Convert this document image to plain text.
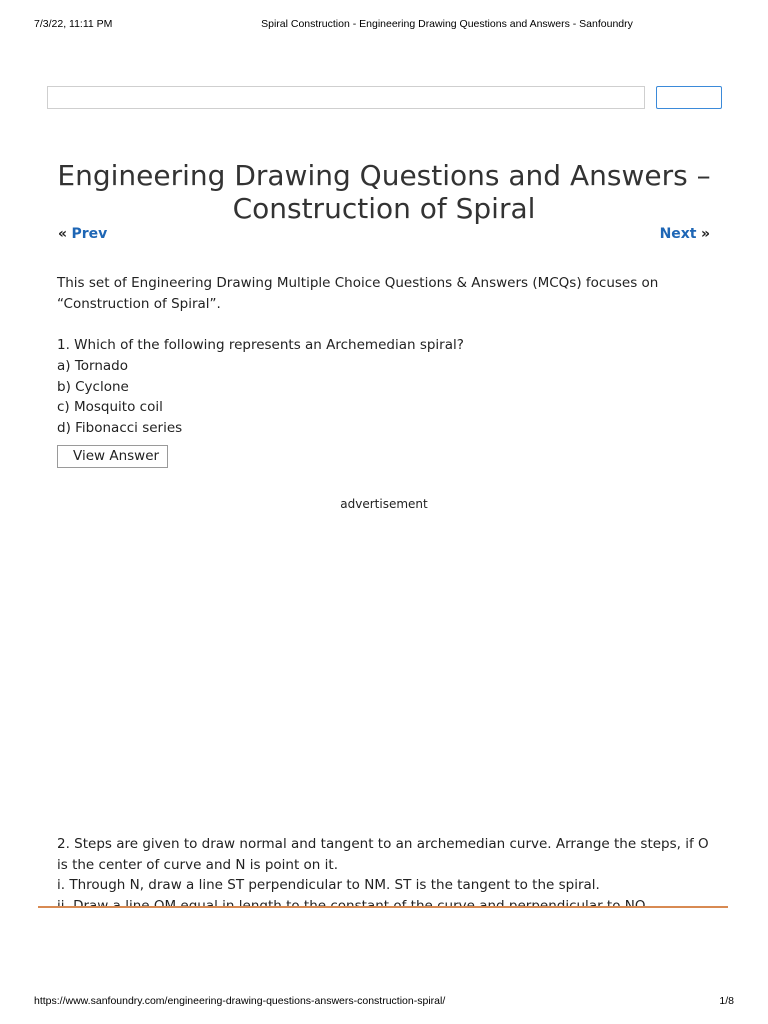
7/3/22, 11:11 PM	Spiral Construction - Engineering Drawing Questions and Answers - Sanfoundry
Engineering Drawing Questions and Answers – Construction of Spiral
« Prev	Next »

This set of Engineering Drawing Multiple Choice Questions & Answers (MCQs) focuses on “Construction of Spiral”.

1. Which of the following represents an Archemedian spiral?

a) Tornado

b) Cyclone

c) Mosquito coil

d) Fibonacci series

View Answer
advertisement

2. Steps are given to draw normal and tangent to an archemedian curve. Arrange the steps, if O is the center of curve and N is point on it.

i. Through N, draw a line ST perpendicular to NM. ST is the tangent to the spiral.

https://www.sanfoundry.com/engineering-drawing-questions-answers-construction-spiral/	1/8
